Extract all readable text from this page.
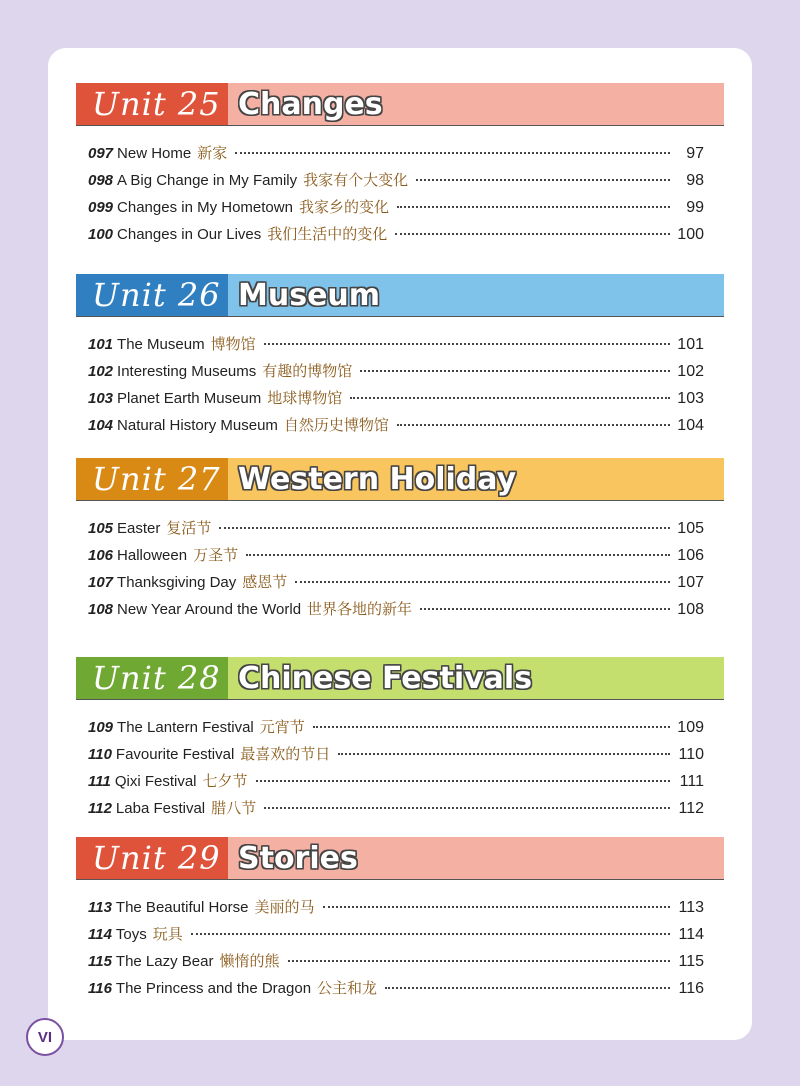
Unit 25 Changes
097 New Home 新家	97
098 A Big Change in My Family 我家有个大变化	98
099 Changes in My Hometown 我家乡的变化	99
100 Changes in Our Lives 我们生活中的变化	100
Unit 26 Museum
101 The Museum 博物馆	101
102 Interesting Museums 有趣的博物馆	102
103 Planet Earth Museum 地球博物馆	103
104 Natural History Museum 自然历史博物馆	104
Unit 27 Western Holiday
105 Easter 复活节	105
106 Halloween 万圣节	106
107 Thanksgiving Day 感恩节	107
108 New Year Around the World 世界各地的新年	108
Unit 28 Chinese Festivals
109 The Lantern Festival 元宵节	109
110 Favourite Festival 最喜欢的节日	110
111 Qixi Festival 七夕节	111
112 Laba Festival 腊八节	112
Unit 29 Stories
113 The Beautiful Horse 美丽的马	113
114 Toys 玩具	114
115 The Lazy Bear 懒惰的熊	115
116 The Princess and the Dragon 公主和龙	116
VI
